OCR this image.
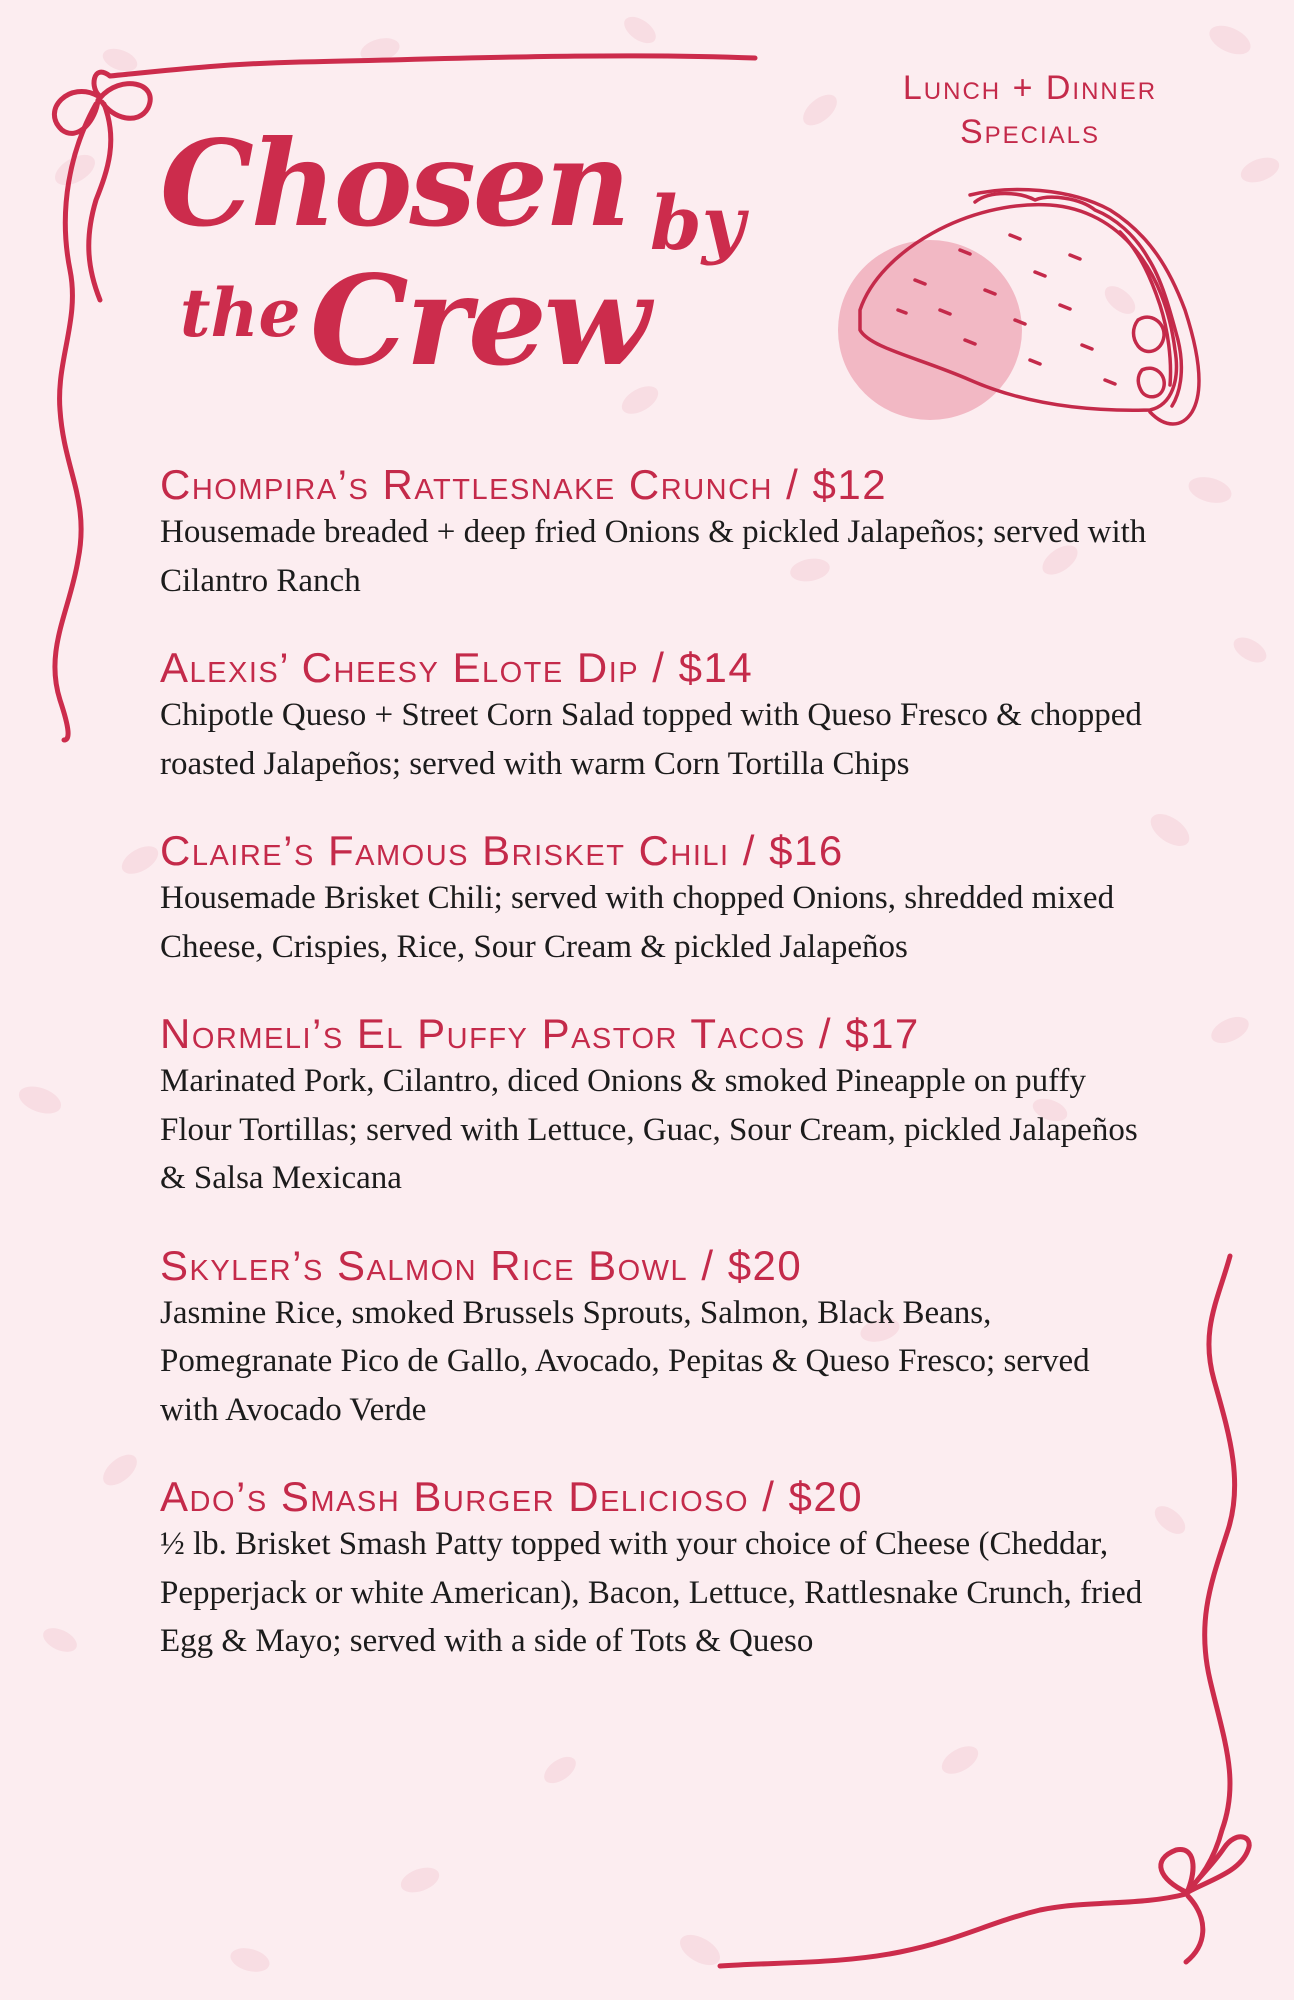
Chosen by
the Crew
Lunch + Dinner
Specials
Chompira’s Rattlesnake Crunch / $12
Housemade breaded + deep fried Onions & pickled Jalapeños; served with Cilantro Ranch
Alexis’ Cheesy Elote Dip / $14
Chipotle Queso + Street Corn Salad topped with Queso Fresco & chopped roasted Jalapeños; served with warm Corn Tortilla Chips
Claire’s Famous Brisket Chili / $16
Housemade Brisket Chili; served with chopped Onions, shredded mixed Cheese, Crispies, Rice, Sour Cream & pickled Jalapeños
Normeli’s El Puffy Pastor Tacos / $17
Marinated Pork, Cilantro, diced Onions & smoked Pineapple on puffy Flour Tortillas; served with Lettuce, Guac, Sour Cream, pickled Jalapeños & Salsa Mexicana
Skyler’s Salmon Rice Bowl / $20
Jasmine Rice, smoked Brussels Sprouts, Salmon, Black Beans, Pomegranate Pico de Gallo, Avocado, Pepitas & Queso Fresco; served with Avocado Verde
Ado’s Smash Burger Delicioso / $20
½ lb. Brisket Smash Patty topped with your choice of Cheese (Cheddar, Pepperjack or white American), Bacon, Lettuce, Rattlesnake Crunch, fried Egg & Mayo; served with a side of Tots & Queso
